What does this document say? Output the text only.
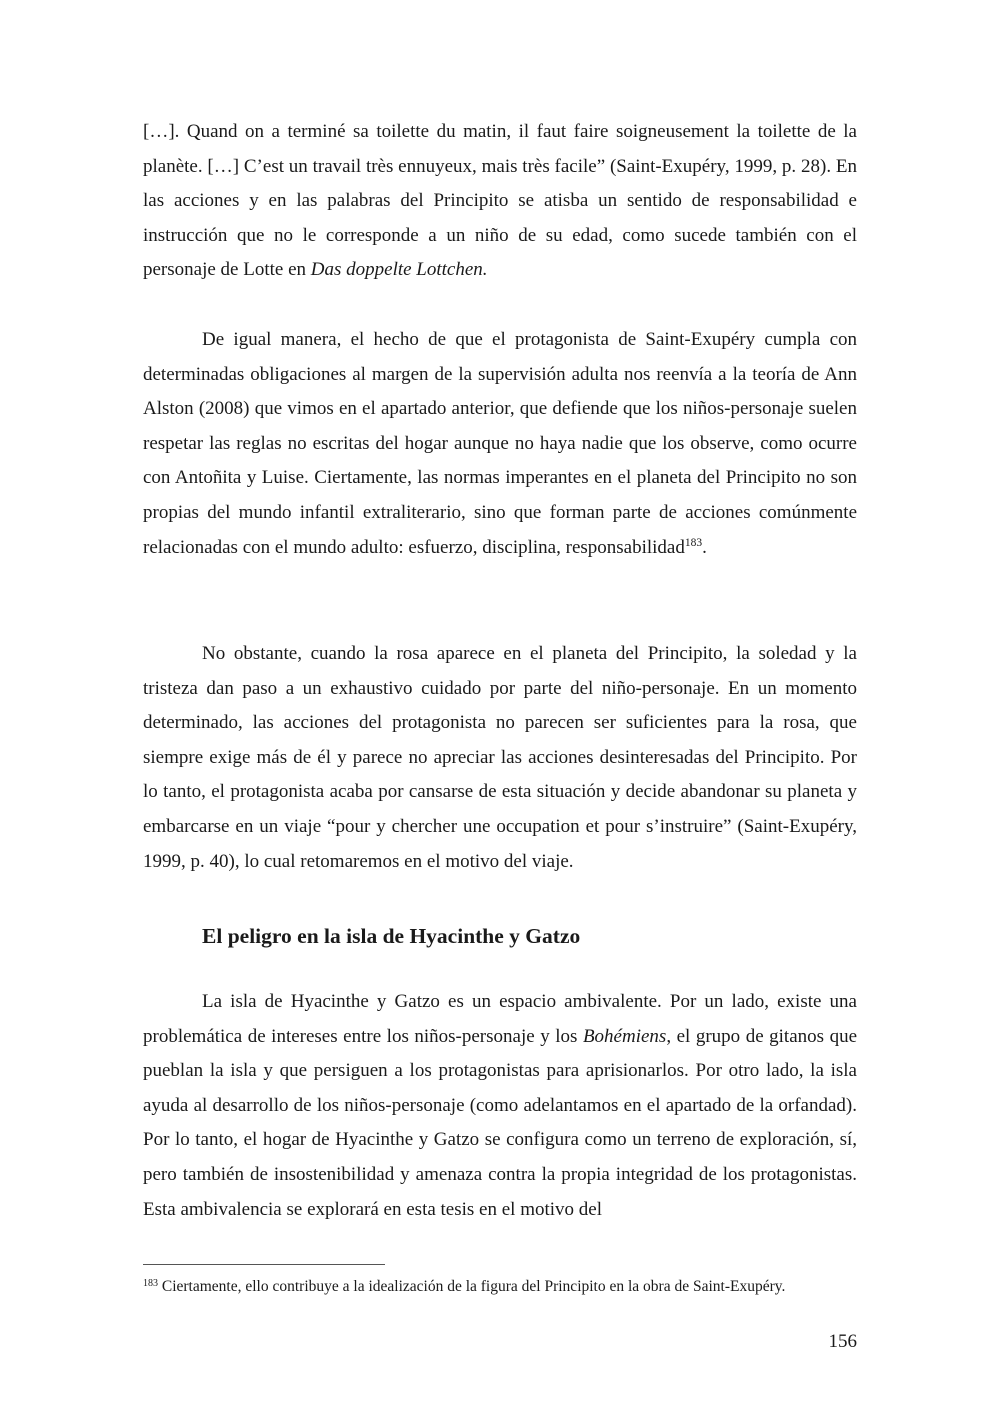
[…]. Quand on a terminé sa toilette du matin, il faut faire soigneusement la toilette de la planète. […] C’est un travail très ennuyeux, mais très facile” (Saint-Exupéry, 1999, p. 28). En las acciones y en las palabras del Principito se atisba un sentido de responsabilidad e instrucción que no le corresponde a un niño de su edad, como sucede también con el personaje de Lotte en Das doppelte Lottchen.

De igual manera, el hecho de que el protagonista de Saint-Exupéry cumpla con determinadas obligaciones al margen de la supervisión adulta nos reenvía a la teoría de Ann Alston (2008) que vimos en el apartado anterior, que defiende que los niños-personaje suelen respetar las reglas no escritas del hogar aunque no haya nadie que los observe, como ocurre con Antoñita y Luise. Ciertamente, las normas imperantes en el planeta del Principito no son propias del mundo infantil extraliterario, sino que forman parte de acciones comúnmente relacionadas con el mundo adulto: esfuerzo, disciplina, responsabilidad$^{183}$.

No obstante, cuando la rosa aparece en el planeta del Principito, la soledad y la tristeza dan paso a un exhaustivo cuidado por parte del niño-personaje. En un momento determinado, las acciones del protagonista no parecen ser suficientes para la rosa, que siempre exige más de él y parece no apreciar las acciones desinteresadas del Principito. Por lo tanto, el protagonista acaba por cansarse de esta situación y decide abandonar su planeta y embarcarse en un viaje “pour y chercher une occupation et pour s’instruire” (Saint-Exupéry, 1999, p. 40), lo cual retomaremos en el motivo del viaje.

El peligro en la isla de Hyacinthe y Gatzo

La isla de Hyacinthe y Gatzo es un espacio ambivalente. Por un lado, existe una problemática de intereses entre los niños-personaje y los Bohémiens, el grupo de gitanos que pueblan la isla y que persiguen a los protagonistas para aprisionarlos. Por otro lado, la isla ayuda al desarrollo de los niños-personaje (como adelantamos en el apartado de la orfandad). Por lo tanto, el hogar de Hyacinthe y Gatzo se configura como un terreno de exploración, sí, pero también de insostenibilidad y amenaza contra la propia integridad de los protagonistas. Esta ambivalencia se explorará en esta tesis en el motivo del

$^{183}$ Ciertamente, ello contribuye a la idealización de la figura del Principito en la obra de Saint-Exupéry.

156
